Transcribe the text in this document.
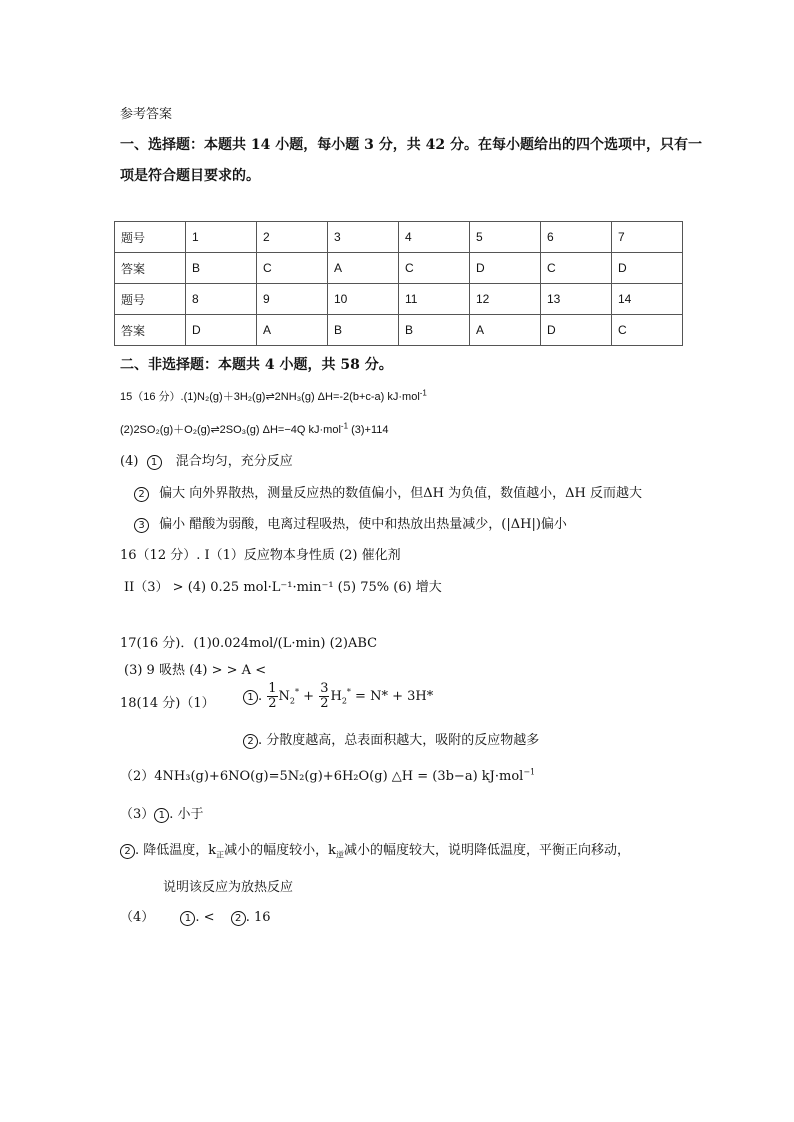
参考答案
一、选择题：本题共 14 小题，每小题 3 分，共 42 分。在每小题给出的四个选项中，只有一
项是符合题目要求的。
题号	1	2	3	4	5	6	7
答案	B	C	A	C	D	C	D
题号	8	9	10	11	12	13	14
答案	D	A	B	B	A	D	C
二、非选择题：本题共 4 小题，共 58 分。
15（16 分）.(1)N₂(g)＋3H₂(g)⇌2NH₃(g) ΔH=-2(b+c-a) kJ·mol$^{-1}$
(2)2SO₂(g)＋O₂(g)⇌2SO₃(g) ΔH=−4Q kJ·mol$^{-1}$ (3)+114
(4) 1 混合均匀，充分反应
2 偏大 向外界散热，测量反应热的数值偏小，但ΔH 为负值，数值越小，ΔH 反而越大
3 偏小 醋酸为弱酸，电离过程吸热，使中和热放出热量减少，(|ΔH|)偏小
16（12 分）. I（1）反应物本身性质 (2) 催化剂
II（3） > (4) 0.25 mol·L⁻¹·min⁻¹ (5) 75% (6) 增大
17(16 分)．(1)0.024mol/(L·min) (2)ABC
(3) 9 吸热 (4) > > A <
18(14 分)（1）	1 . $\frac{1}{2} N_2^* + \frac{3}{2} H_2^* = N* + 3H*$
2 . 分散度越高，总表面积越大，吸附的反应物越多
（2）4NH₃(g)+6NO(g)=5N₂(g)+6H₂O(g) △H = (3b−a) kJ·mol$^{-1}$
（3） 1 . 小于
2 . 降低温度，$k_正$减小的幅度较小，$k_逆$减小的幅度较大，说明降低温度，平衡正向移动，
说明该反应为放热反应
（4）	1 . < 2 . 16
